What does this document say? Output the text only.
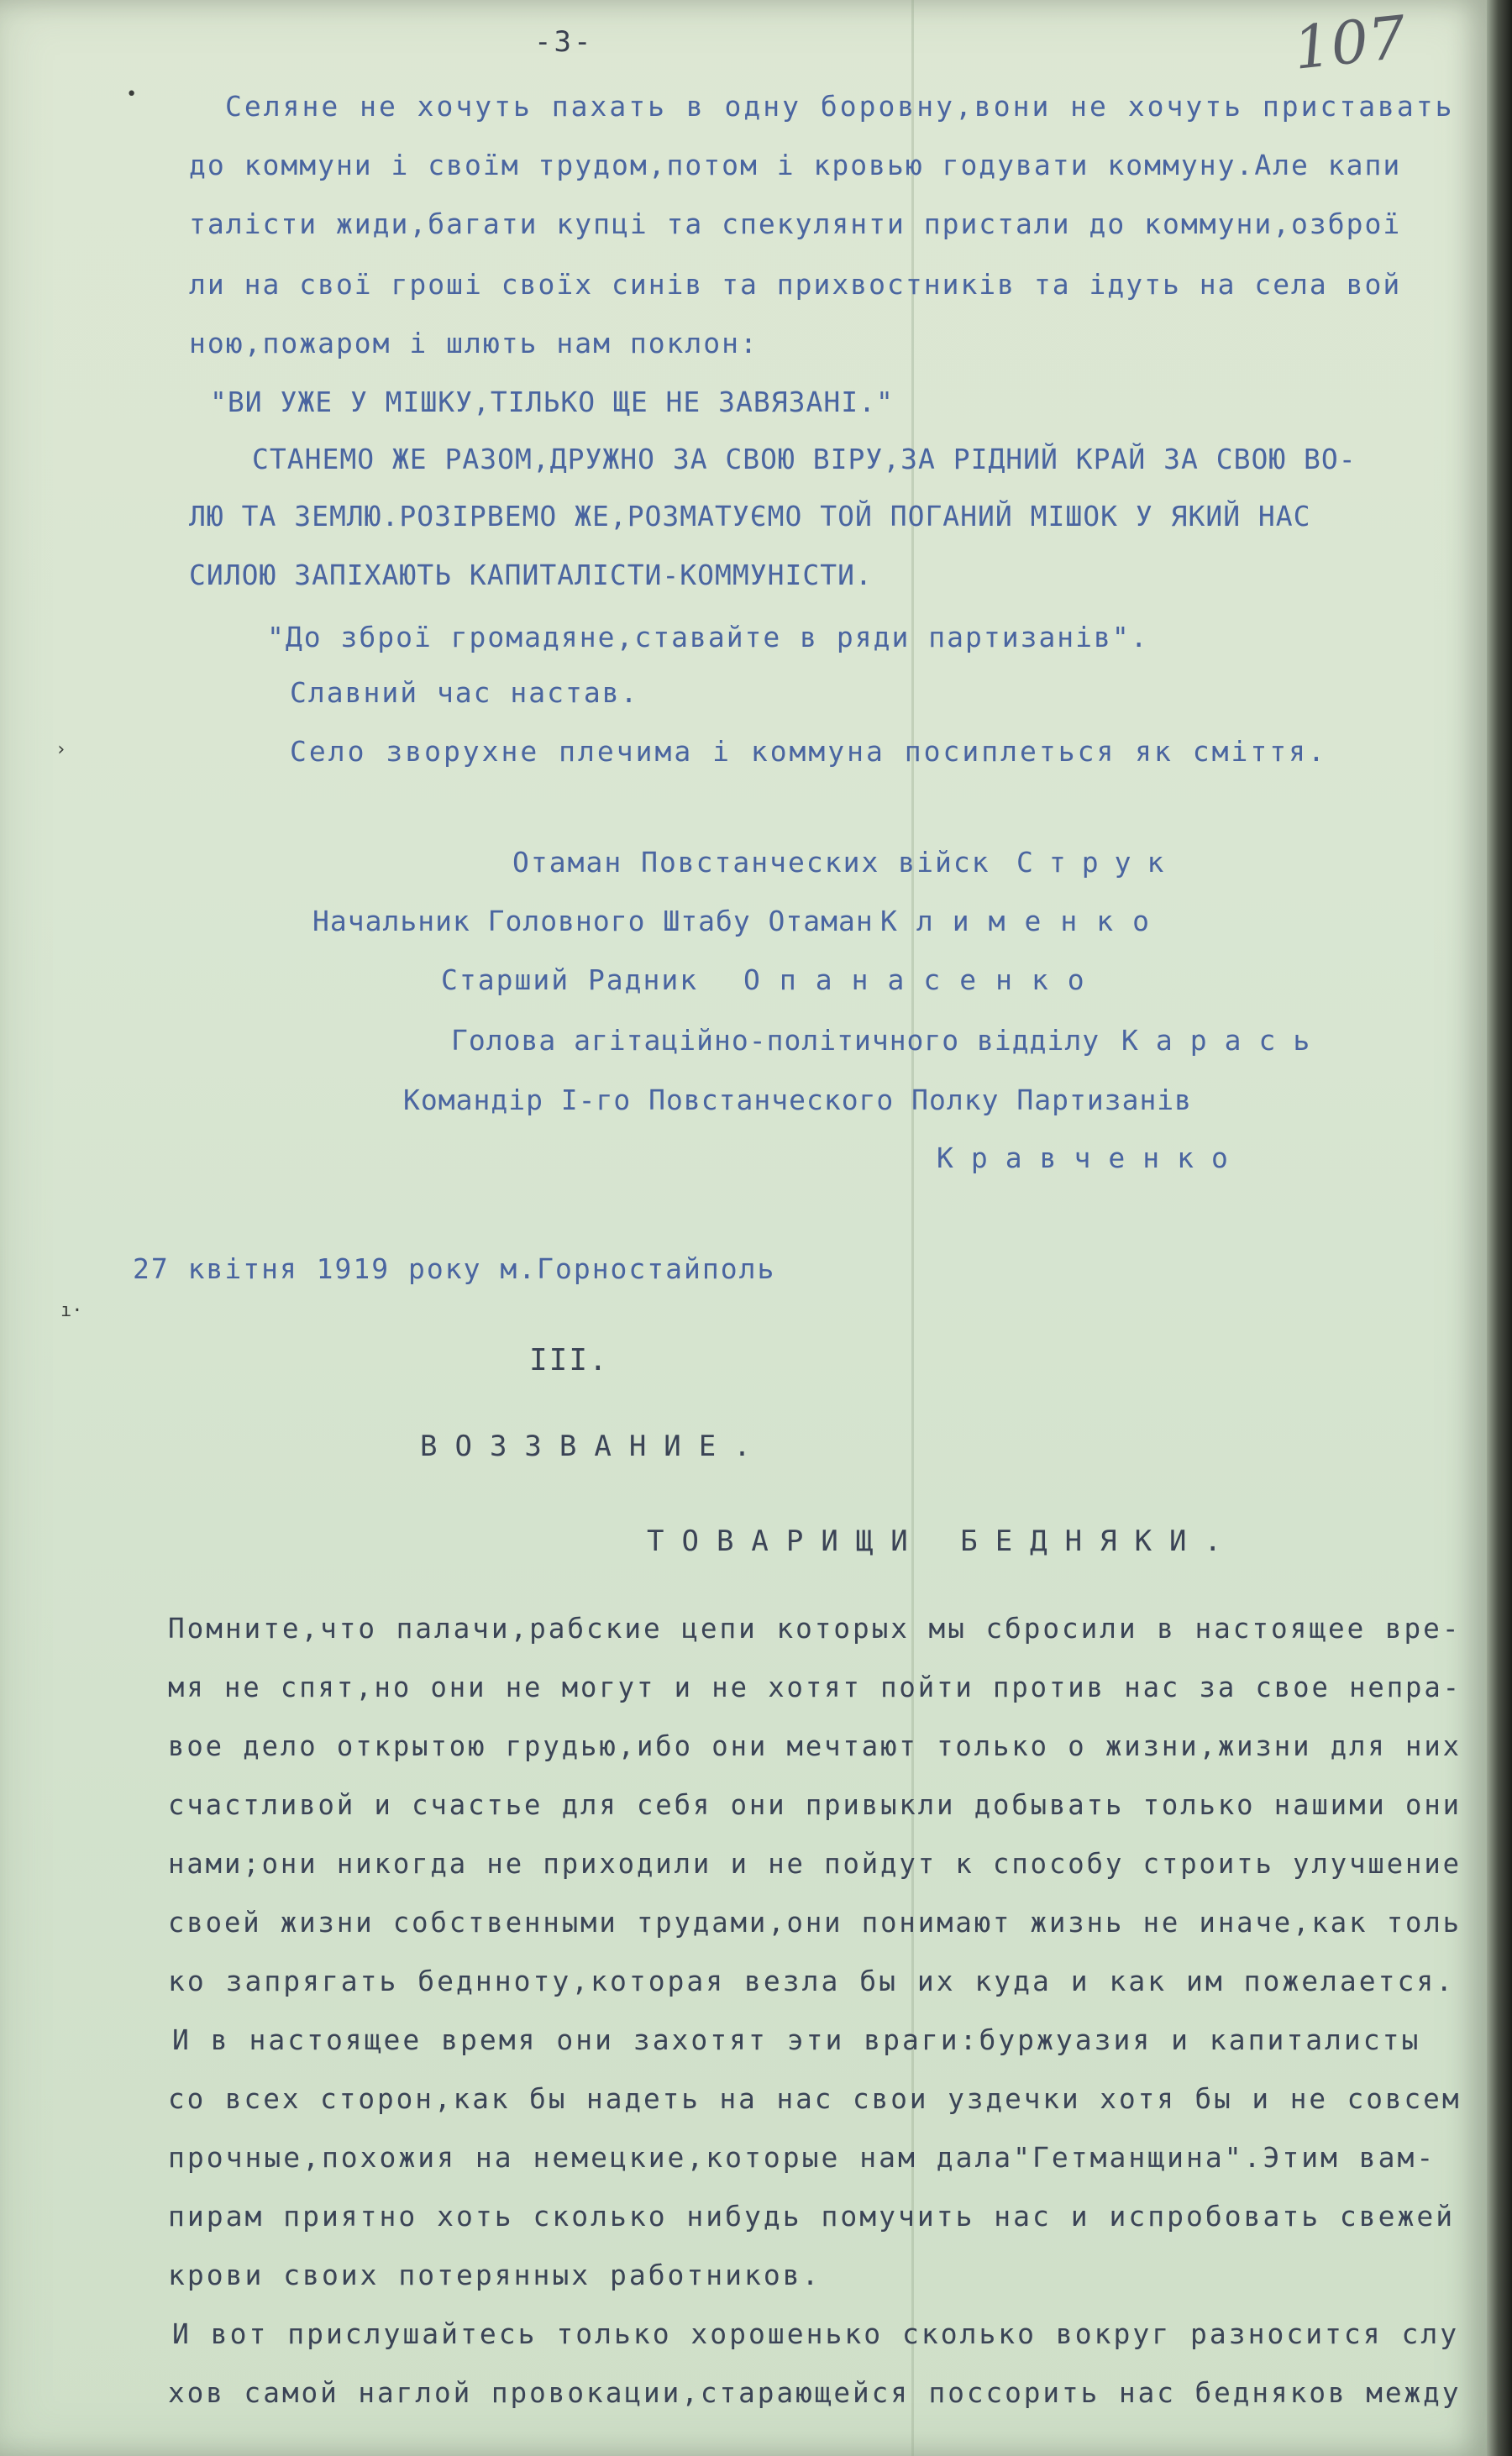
-3-	107
•
›
ı·
Селяне не хочуть пахать в одну боровну,вони не хочуть приставать
до коммуни і своїм трудом,потом і кровью годувати коммуну.Але капи
талісти жиди,багати купці та спекулянти пристали до коммуни,озброї
ли на свої гроші своїх синів та прихвостників та ідуть на села вой
ною,пожаром і шлють нам поклон:
"ВИ УЖЕ У МІШКУ,ТІЛЬКО ЩЕ НЕ ЗАВЯЗАНІ."
СТАНЕМО ЖЕ РАЗОМ,ДРУЖНО ЗА СВОЮ ВІРУ,ЗА РІДНИЙ КРАЙ ЗА СВОЮ ВО-
ЛЮ ТА ЗЕМЛЮ.РОЗІРВЕМО ЖЕ,РОЗМАТУЄМО ТОЙ ПОГАНИЙ МІШОК У ЯКИЙ НАС
СИЛОЮ ЗАПІХАЮТЬ КАПИТАЛІСТИ-КОММУНІСТИ.
"До зброї громадяне,ставайте в ряди партизанів".
Славний час настав.
Село зворухне плечима і коммуна посиплеться як сміття.
Отаман Повстанческих війск Струк
Начальник Головного Штабу Отаман Клименко
Старший Радник Опанасенко
Голова агітаційно-політичного відділу Карась
Командір I-го Повстанческого Полку Партизанів
Кравченко
27 квітня 1919 року м.Горностайполь
III.
ВОЗЗВАНИЕ.
ТОВАРИЩИ БЕДНЯКИ.
Помните,что палачи,рабские цепи которых мы сбросили в настоящее вре-
мя не спят,но они не могут и не хотят пойти против нас за свое непра-
вое дело открытою грудью,ибо они мечтают только о жизни,жизни для них
счастливой и счастье для себя они привыкли добывать только нашими они
нами;они никогда не приходили и не пойдут к способу строить улучшение
своей жизни собственными трудами,они понимают жизнь не иначе,как толь
ко запрягать беднноту,которая везла бы их куда и как им пожелается.
И в настоящее время они захотят эти враги:буржуазия и капиталисты
со всех сторон,как бы надеть на нас свои уздечки хотя бы и не совсем
прочные,похожия на немецкие,которые нам дала"Гетманщина".Этим вам-
пирам приятно хоть сколько нибудь помучить нас и испробовать свежей
крови своих потерянных работников.
И вот прислушайтесь только хорошенько сколько вокруг разносится слу
хов самой наглой провокации,старающейся поссорить нас бедняков между
